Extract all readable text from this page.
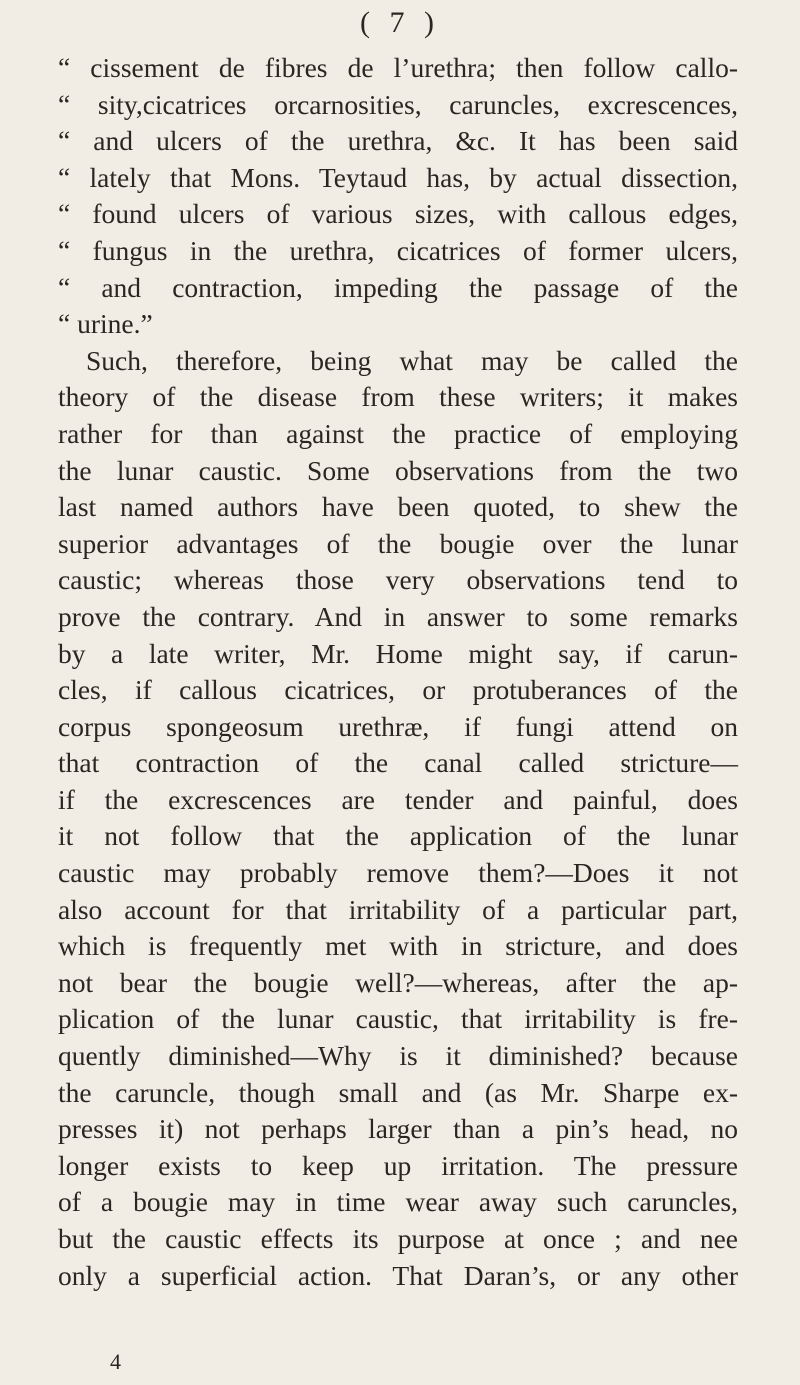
( 7 )
“ cissement de fibres de l’urethra; then follow callo-
“ sity,cicatrices orcarnosities, caruncles, excrescences,
“ and ulcers of the urethra, &c. It has been said
“ lately that Mons. Teytaud has, by actual dissection,
“ found ulcers of various sizes, with callous edges,
“ fungus in the urethra, cicatrices of former ulcers,
“ and contraction, impeding the passage of the
“ urine.”
Such, therefore, being what may be called the
theory of the disease from these writers; it makes
rather for than against the practice of employing
the lunar caustic. Some observations from the two
last named authors have been quoted, to shew the
superior advantages of the bougie over the lunar
caustic; whereas those very observations tend to
prove the contrary. And in answer to some remarks
by a late writer, Mr. Home might say, if carun-
cles, if callous cicatrices, or protuberances of the
corpus spongeosum urethræ, if fungi attend on
that contraction of the canal called stricture—
if the excrescences are tender and painful, does
it not follow that the application of the lunar
caustic may probably remove them?—Does it not
also account for that irritability of a particular part,
which is frequently met with in stricture, and does
not bear the bougie well?—whereas, after the ap-
plication of the lunar caustic, that irritability is fre-
quently diminished—Why is it diminished? because
the caruncle, though small and (as Mr. Sharpe ex-
presses it) not perhaps larger than a pin’s head, no
longer exists to keep up irritation. The pressure
of a bougie may in time wear away such caruncles,
but the caustic effects its purpose at once ; and nee
only a superficial action. That Daran’s, or any other
4
